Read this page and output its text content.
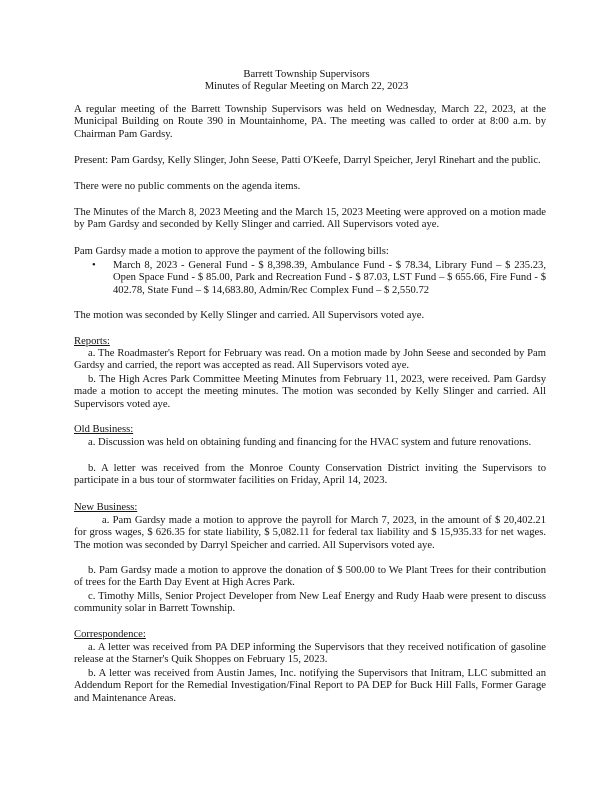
Barrett Township Supervisors
Minutes of Regular Meeting on March 22, 2023
A regular meeting of the Barrett Township Supervisors was held on Wednesday, March 22, 2023, at the Municipal Building on Route 390 in Mountainhome, PA. The meeting was called to order at 8:00 a.m. by Chairman Pam Gardsy.
Present: Pam Gardsy, Kelly Slinger, John Seese, Patti O'Keefe, Darryl Speicher, Jeryl Rinehart and the public.
There were no public comments on the agenda items.
The Minutes of the March 8, 2023 Meeting and the March 15, 2023 Meeting were approved on a motion made by Pam Gardsy and seconded by Kelly Slinger and carried. All Supervisors voted aye.
Pam Gardsy made a motion to approve the payment of the following bills:
•	March 8, 2023 - General Fund - $ 8,398.39, Ambulance Fund - $ 78.34, Library Fund – $ 235.23, Open Space Fund - $ 85.00, Park and Recreation Fund - $ 87.03, LST Fund – $ 655.66, Fire Fund - $ 402.78, State Fund – $ 14,683.80, Admin/Rec Complex Fund – $ 2,550.72
The motion was seconded by Kelly Slinger and carried. All Supervisors voted aye.
Reports:
a. The Roadmaster's Report for February was read. On a motion made by John Seese and seconded by Pam Gardsy and carried, the report was accepted as read. All Supervisors voted aye.
b. The High Acres Park Committee Meeting Minutes from February 11, 2023, were received. Pam Gardsy made a motion to accept the meeting minutes. The motion was seconded by Kelly Slinger and carried. All Supervisors voted aye.
Old Business:
a. Discussion was held on obtaining funding and financing for the HVAC system and future renovations.
b. A letter was received from the Monroe County Conservation District inviting the Supervisors to participate in a bus tour of stormwater facilities on Friday, April 14, 2023.
New Business:
a. Pam Gardsy made a motion to approve the payroll for March 7, 2023, in the amount of $ 20,402.21 for gross wages, $ 626.35 for state liability, $ 5,082.11 for federal tax liability and $ 15,935.33 for net wages. The motion was seconded by Darryl Speicher and carried. All Supervisors voted aye.
b. Pam Gardsy made a motion to approve the donation of $ 500.00 to We Plant Trees for their contribution of trees for the Earth Day Event at High Acres Park.
c. Timothy Mills, Senior Project Developer from New Leaf Energy and Rudy Haab were present to discuss community solar in Barrett Township.
Correspondence:
a. A letter was received from PA DEP informing the Supervisors that they received notification of gasoline release at the Starner's Quik Shoppes on February 15, 2023.
b. A letter was received from Austin James, Inc. notifying the Supervisors that Initram, LLC submitted an Addendum Report for the Remedial Investigation/Final Report to PA DEP for Buck Hill Falls, Former Garage and Maintenance Areas.
